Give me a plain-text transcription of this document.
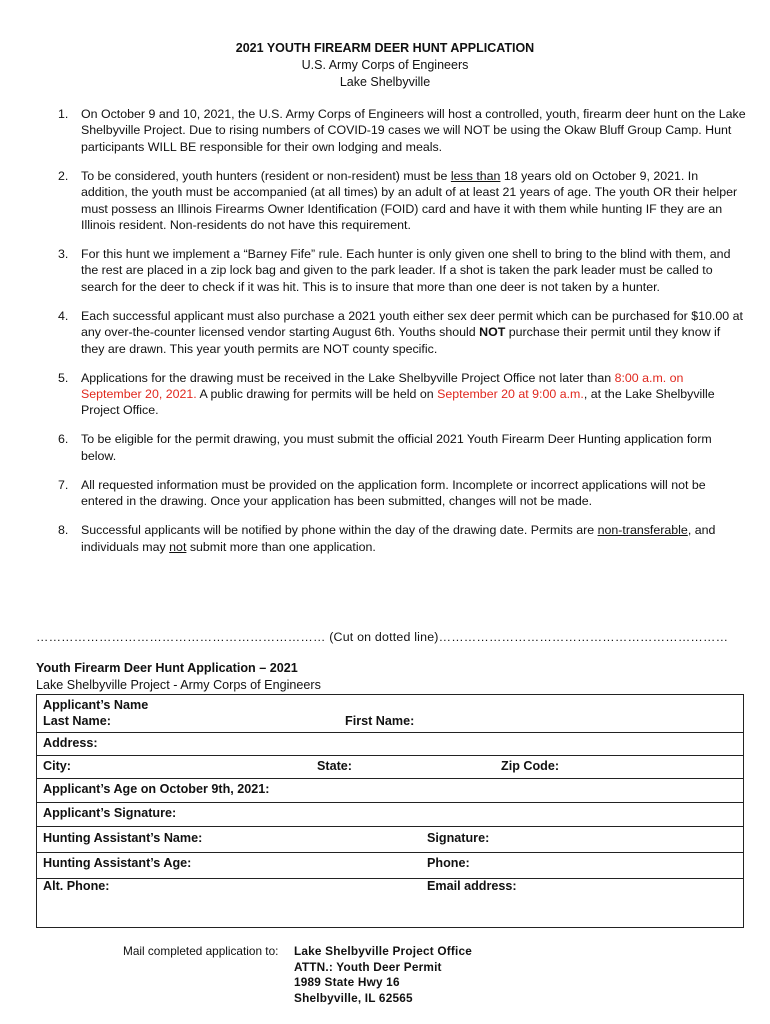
2021 YOUTH FIREARM DEER HUNT APPLICATION
U.S. Army Corps of Engineers
Lake Shelbyville
1. On October 9 and 10, 2021, the U.S. Army Corps of Engineers will host a controlled, youth, firearm deer hunt on the Lake Shelbyville Project. Due to rising numbers of COVID-19 cases we will NOT be using the Okaw Bluff Group Camp. Hunt participants WILL BE responsible for their own lodging and meals.
2. To be considered, youth hunters (resident or non-resident) must be less than 18 years old on October 9, 2021. In addition, the youth must be accompanied (at all times) by an adult of at least 21 years of age. The youth OR their helper must possess an Illinois Firearms Owner Identification (FOID) card and have it with them while hunting IF they are an Illinois resident. Non-residents do not have this requirement.
3. For this hunt we implement a “Barney Fife” rule. Each hunter is only given one shell to bring to the blind with them, and the rest are placed in a zip lock bag and given to the park leader. If a shot is taken the park leader must be called to search for the deer to check if it was hit. This is to insure that more than one deer is not taken by a hunter.
4. Each successful applicant must also purchase a 2021 youth either sex deer permit which can be purchased for $10.00 at any over-the-counter licensed vendor starting August 6th. Youths should NOT purchase their permit until they know if they are drawn. This year youth permits are NOT county specific.
5. Applications for the drawing must be received in the Lake Shelbyville Project Office not later than 8:00 a.m. on September 20, 2021. A public drawing for permits will be held on September 20 at 9:00 a.m., at the Lake Shelbyville Project Office.
6. To be eligible for the permit drawing, you must submit the official 2021 Youth Firearm Deer Hunting application form below.
7. All requested information must be provided on the application form. Incomplete or incorrect applications will not be entered in the drawing. Once your application has been submitted, changes will not be made.
8. Successful applicants will be notified by phone within the day of the drawing date. Permits are non-transferable, and individuals may not submit more than one application.
…………………………………………………………… (Cut on dotted line)……………………………………………………………
Youth Firearm Deer Hunt Application – 2021
Lake Shelbyville Project - Army Corps of Engineers
Applicant’s Name
Last Name:	First Name:
Address:
City:	State:	Zip Code:
Applicant’s Age on October 9th, 2021:
Applicant’s Signature:
Hunting Assistant’s Name:	Signature:
Hunting Assistant’s Age:	Phone:
Alt. Phone:	Email address:
Mail completed application to: Lake Shelbyville Project Office
ATTN.: Youth Deer Permit
1989 State Hwy 16
Shelbyville, IL 62565
